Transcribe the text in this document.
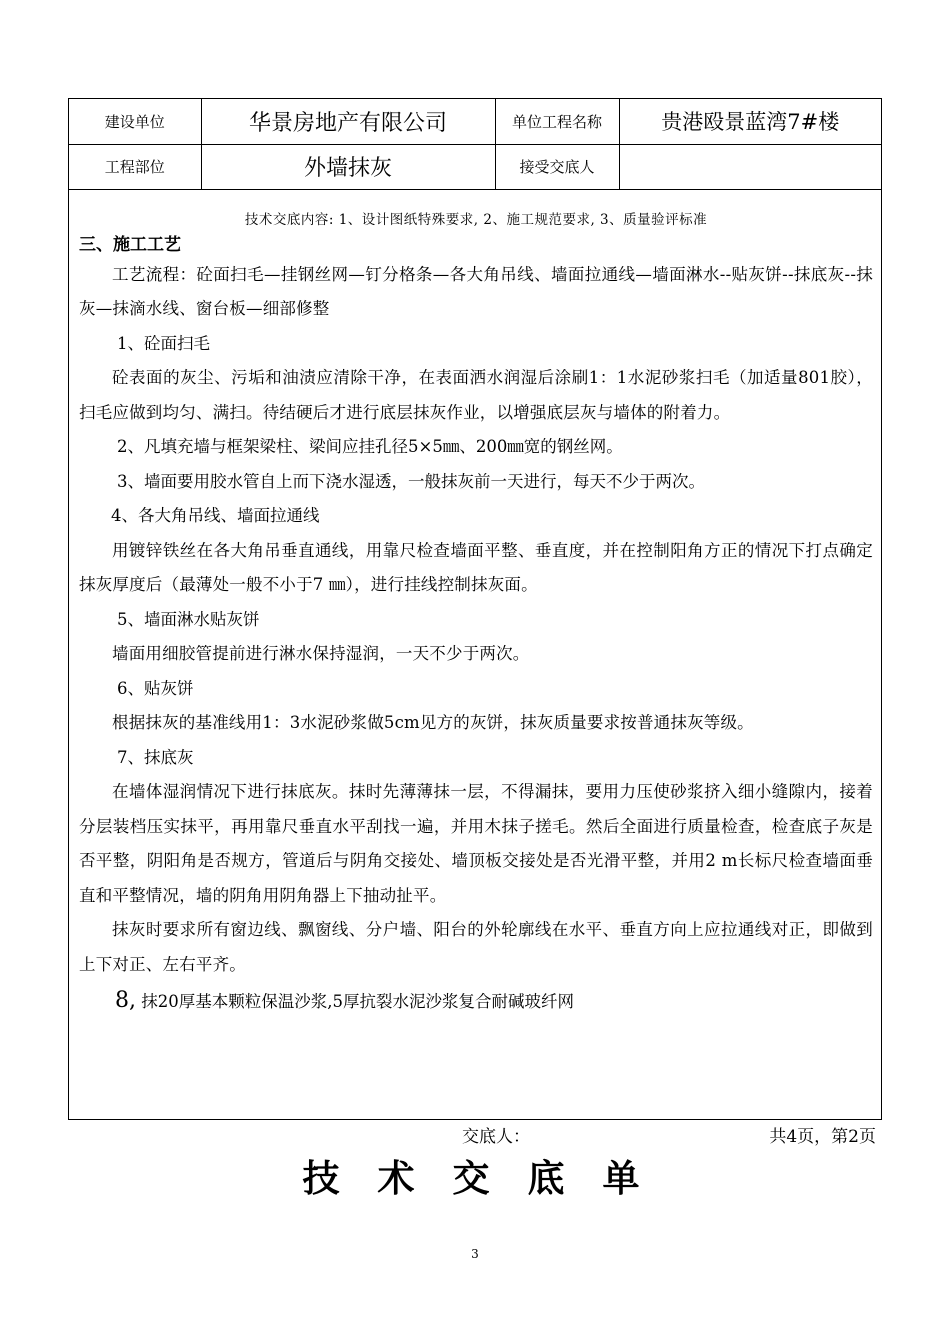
建设单位	华景房地产有限公司	单位工程名称	贵港殴景蓝湾7#楼
工程部位	外墙抹灰	接受交底人	
技术交底内容: 1、设计图纸特殊要求, 2、施工规范要求, 3、质量验评标准
三、施工工艺

工艺流程：砼面扫毛—挂钢丝网—钉分格条—各大角吊线、墙面拉通线—墙面淋水--贴灰饼--抹底灰--抹灰—抹滴水线、窗台板—细部修整

1、砼面扫毛

砼表面的灰尘、污垢和油渍应清除干净，在表面洒水润湿后涂刷1：1水泥砂浆扫毛（加适量801胶），扫毛应做到均匀、满扫。待结硬后才进行底层抹灰作业，以增强底层灰与墙体的附着力。

2、凡填充墙与框架梁柱、梁间应挂孔径5×5㎜、200㎜宽的钢丝网。

3、墙面要用胶水管自上而下浇水湿透，一般抹灰前一天进行，每天不少于两次。

4、各大角吊线、墙面拉通线

用镀锌铁丝在各大角吊垂直通线，用靠尺检查墙面平整、垂直度，并在控制阳角方正的情况下打点确定抹灰厚度后（最薄处一般不小于7 ㎜），进行挂线控制抹灰面。

5、墙面淋水贴灰饼

墙面用细胶管提前进行淋水保持湿润，一天不少于两次。

6、贴灰饼

根据抹灰的基准线用1：3水泥砂浆做5cm见方的灰饼，抹灰质量要求按普通抹灰等级。

7、抹底灰

在墙体湿润情况下进行抹底灰。抹时先薄薄抹一层，不得漏抹，要用力压使砂浆挤入细小缝隙内，接着分层装档压实抹平，再用靠尺垂直水平刮找一遍，并用木抹子搓毛。然后全面进行质量检查，检查底子灰是否平整，阴阳角是否规方，管道后与阴角交接处、墙顶板交接处是否光滑平整，并用2 m长标尺检查墙面垂直和平整情况，墙的阴角用阴角器上下抽动扯平。

抹灰时要求所有窗边线、飘窗线、分户墙、阳台的外轮廓线在水平、垂直方向上应拉通线对正，即做到上下对正、左右平齐。

8, 抹20厚基本颗粒保温沙浆,5厚抗裂水泥沙浆复合耐碱玻纤网

交底人：	共4页，第2页
技术交底单
3
